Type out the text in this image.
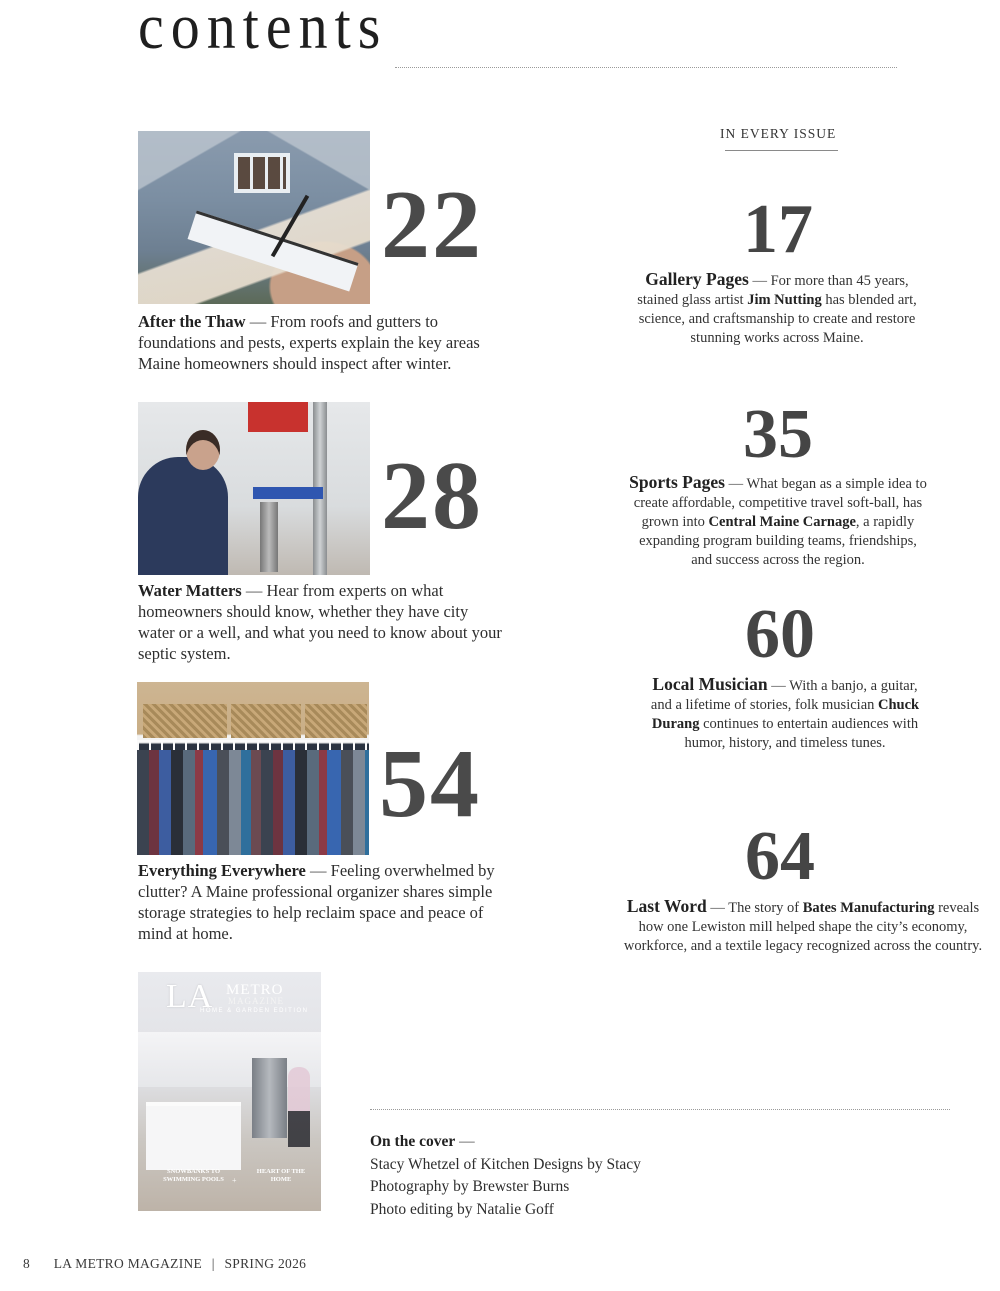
contents
22
After the Thaw — From roofs and gutters to foundations and pests, experts explain the key areas Maine homeowners should inspect after winter.
28
Water Matters — Hear from experts on what homeowners should know, whether they have city water or a well, and what you need to know about your septic system.
54
Everything Everywhere — Feeling overwhelmed by clutter? A Maine professional organizer shares simple storage strategies to help reclaim space and peace of mind at home.
LA METRO
MAGAZINE
HOME & GARDEN EDITION
SNOWBANKS TO SWIMMING POOLS	+
HEART OF THE HOME
IN EVERY ISSUE
17
Gallery Pages — For more than 45 years, stained glass artist Jim Nutting has blended art, science, and craftsmanship to create and restore stunning works across Maine.
35
Sports Pages — What began as a simple idea to create affordable, competitive travel soft-ball, has grown into Central Maine Carnage, a rapidly expanding program building teams, friendships, and success across the region.
60
Local Musician — With a banjo, a guitar, and a lifetime of stories, folk musician Chuck Durang continues to entertain audiences with humor, history, and timeless tunes.
64
Last Word — The story of Bates Manufacturing reveals how one Lewiston mill helped shape the city’s economy, workforce, and a textile legacy recognized across the country.
On the cover —
Stacy Whetzel of Kitchen Designs by Stacy
Photography by Brewster Burns
Photo editing by Natalie Goff
8 LA METRO MAGAZINE | SPRING 2026
